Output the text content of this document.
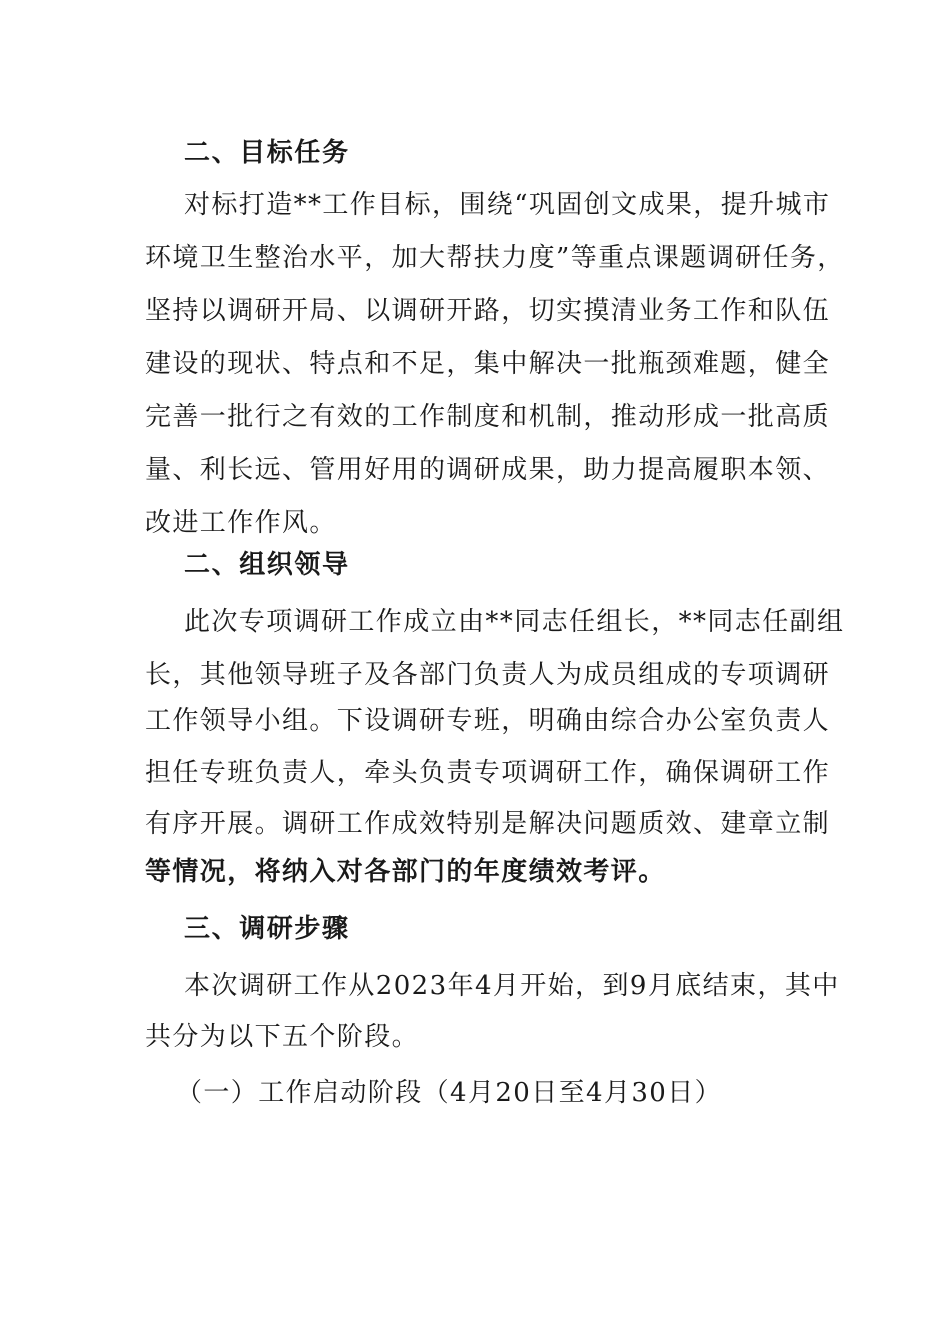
二、目标任务
对标打造**工作目标，围绕“巩固创文成果，提升城市
环境卫生整治水平，加大帮扶力度”等重点课题调研任务，
坚持以调研开局、以调研开路，切实摸清业务工作和队伍
建设的现状、特点和不足，集中解决一批瓶颈难题，健全
完善一批行之有效的工作制度和机制，推动形成一批高质
量、利长远、管用好用的调研成果，助力提高履职本领、
改进工作作风。
二、组织领导
此次专项调研工作成立由**同志任组长，**同志任副组
长，其他领导班子及各部门负责人为成员组成的专项调研
工作领导小组。下设调研专班，明确由综合办公室负责人
担任专班负责人，牵头负责专项调研工作，确保调研工作
有序开展。调研工作成效特别是解决问题质效、建章立制
等情况，将纳入对各部门的年度绩效考评。
三、调研步骤
本次调研工作从2023年4月开始，到9月底结束，其中
共分为以下五个阶段。
（一）工作启动阶段（4月20日至4月30日）
